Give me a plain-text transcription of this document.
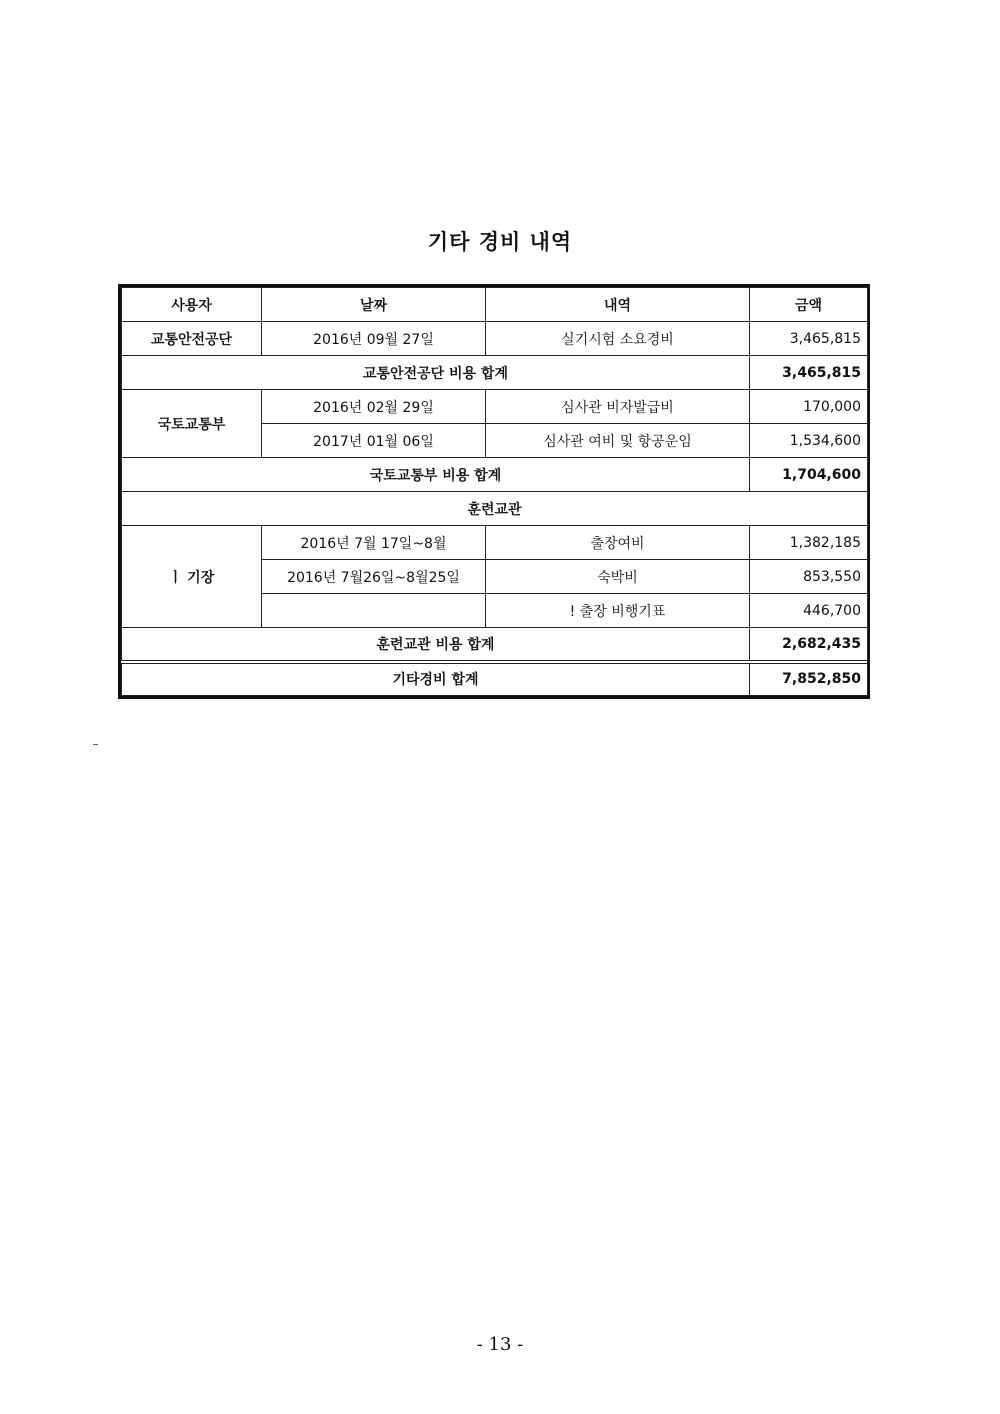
기타 경비 내역
사용자	날짜	내역	금액
교통안전공단	2016년 09월 27일	실기시험 소요경비	3,465,815
교통안전공단 비용 합계			3,465,815
국토교통부	2016년 02월 29일	심사관 비자발급비	170,000
	2017년 01월 06일	심사관 여비 및 항공운임	1,534,600
국토교통부 비용 합계			1,704,600
훈련교관			
ㅣ 기장	2016년 7월 17일~8월	출장여비	1,382,185
	2016년 7월26일~8월25일	숙박비	853,550
		! 출장 비행기표	446,700
훈련교관 비용 합계			2,682,435
기타경비 합계			7,852,850
- 13 -
